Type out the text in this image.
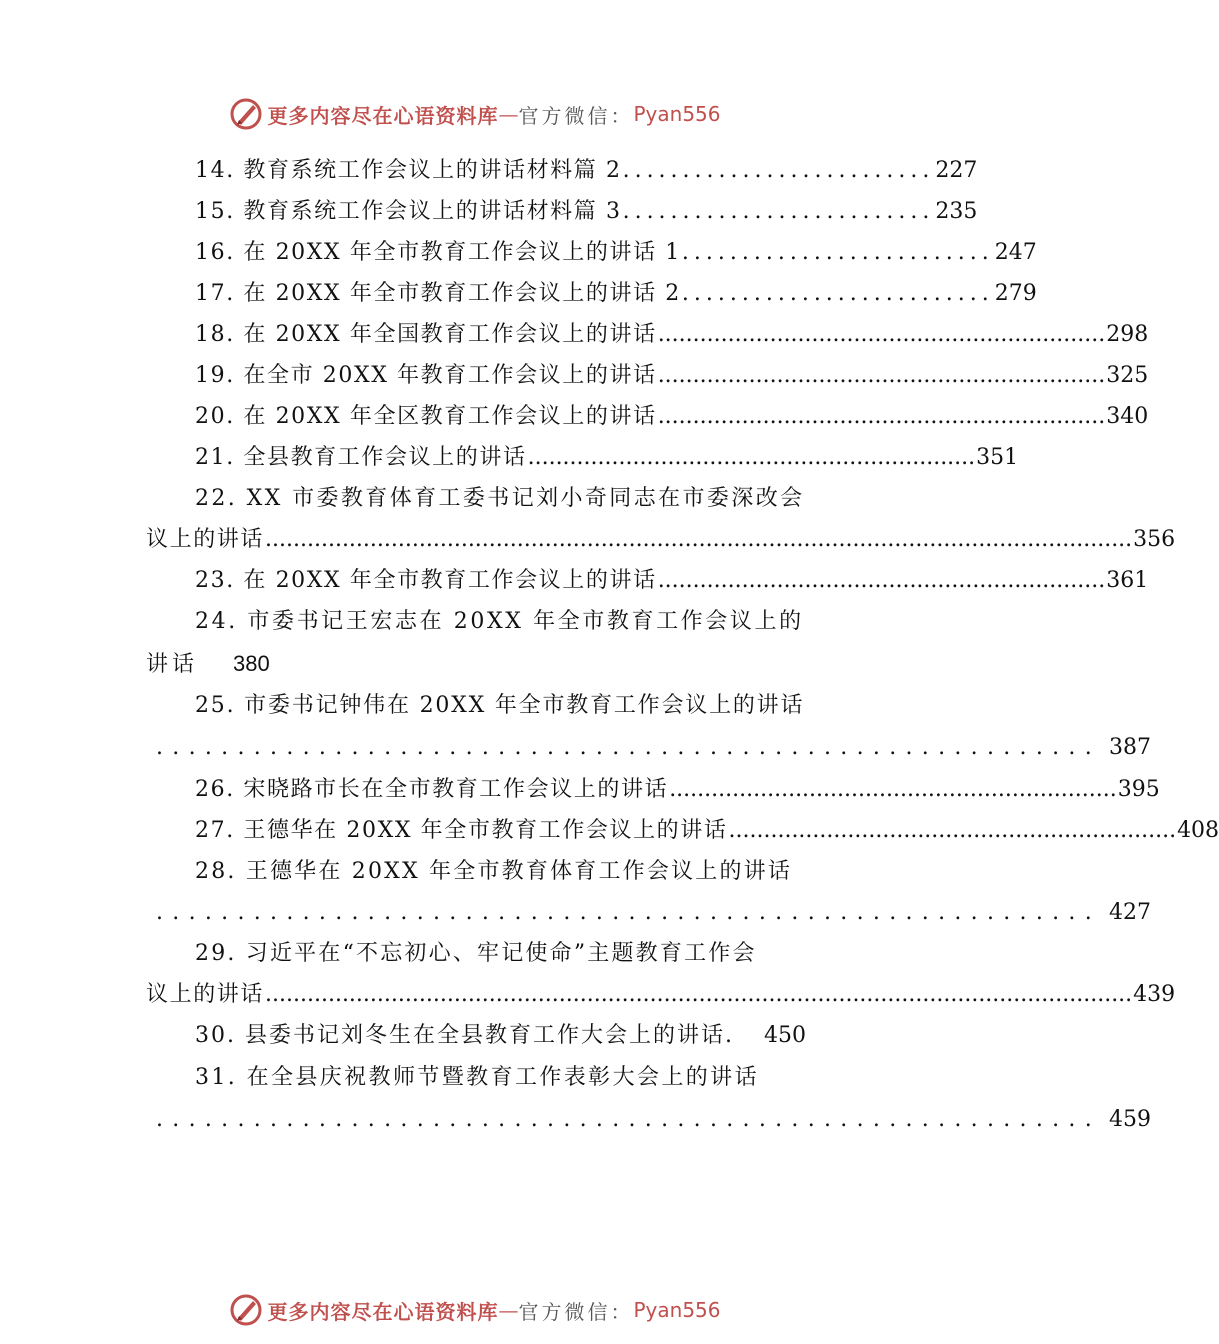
更多内容尽在心语资料库 — 官方微信： Pyan556
14. 教育系统工作会议上的讲话材料篇 2 .......................... 227
15. 教育系统工作会议上的讲话材料篇 3 .......................... 235
16. 在 20XX 年全市教育工作会议上的讲话 1 .......................... 247
17. 在 20XX 年全市教育工作会议上的讲话 2 .......................... 279
18. 在 20XX 年全国教育工作会议上的讲话 ................................................................ 298
19. 在全市 20XX 年教育工作会议上的讲话 ................................................................ 325
20. 在 20XX 年全区教育工作会议上的讲话 ................................................................ 340
21. 全县教育工作会议上的讲话 ................................................................ 351
22. XX 市委教育体育工委书记刘小奇同志在市委深改会
议上的讲话 ............................................................................................................................ 356
23. 在 20XX 年全市教育工作会议上的讲话 ................................................................ 361
24. 市委书记王宏志在 20XX 年全市教育工作会议上的
讲话 380
25. 市委书记钟伟在 20XX 年全市教育工作会议上的讲话
.......................................................... 387
26. 宋晓路市长在全市教育工作会议上的讲话 ................................................................ 395
27. 王德华在 20XX 年全市教育工作会议上的讲话 ................................................................ 408
28. 王德华在 20XX 年全市教育体育工作会议上的讲话
.......................................................... 427
29. 习近平在“不忘初心、牢记使命”主题教育工作会
议上的讲话 ............................................................................................................................ 439
30. 县委书记刘冬生在全县教育工作大会上的讲话. 450
31. 在全县庆祝教师节暨教育工作表彰大会上的讲话
.......................................................... 459
更多内容尽在心语资料库 — 官方微信： Pyan556
